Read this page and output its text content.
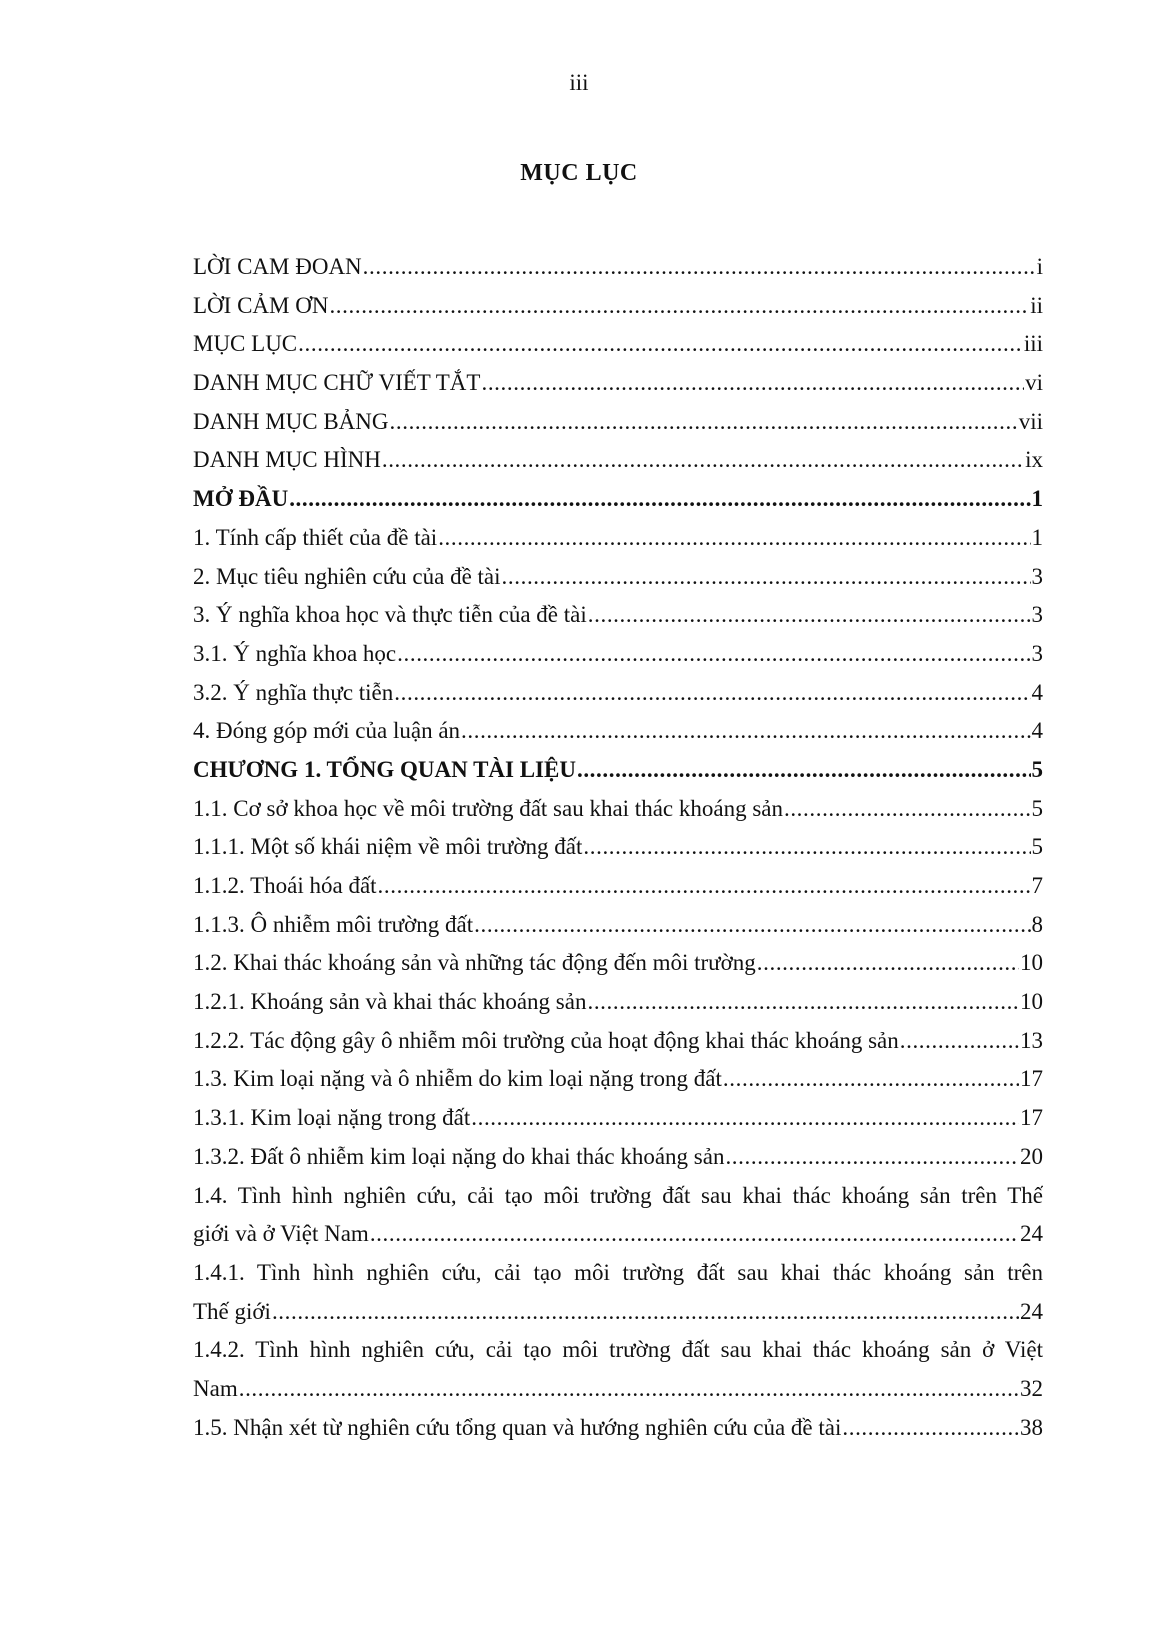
iii
MỤC LỤC
LỜI CAM ĐOAN .....	i
LỜI CẢM ƠN .....	ii
MỤC LỤC .....	iii
DANH MỤC CHỮ VIẾT TẮT .....	vi
DANH MỤC BẢNG .....	vii
DANH MỤC HÌNH .....	ix
MỞ ĐẦU .....	1
1. Tính cấp thiết của đề tài .....	1
2. Mục tiêu nghiên cứu của đề tài .....	3
3. Ý nghĩa khoa học và thực tiễn của đề tài .....	3
3.1. Ý nghĩa khoa học .....	3
3.2. Ý nghĩa thực tiễn .....	4
4. Đóng góp mới của luận án .....	4
CHƯƠNG 1. TỔNG QUAN TÀI LIỆU .....	5
1.1. Cơ sở khoa học về môi trường đất sau khai thác khoáng sản .....	5
1.1.1. Một số khái niệm về môi trường đất .....	5
1.1.2. Thoái hóa đất .....	7
1.1.3. Ô nhiễm môi trường đất .....	8
1.2. Khai thác khoáng sản và những tác động đến môi trường .....	10
1.2.1. Khoáng sản và khai thác khoáng sản .....	10
1.2.2. Tác động gây ô nhiễm môi trường của hoạt động khai thác khoáng sản .....	13
1.3. Kim loại nặng và ô nhiễm do kim loại nặng trong đất .....	17
1.3.1. Kim loại nặng trong đất .....	17
1.3.2. Đất ô nhiễm kim loại nặng do khai thác khoáng sản .....	20
1.4. Tình hình nghiên cứu, cải tạo môi trường đất sau khai thác khoáng sản trên Thế
giới và ở Việt Nam .....	24
1.4.1. Tình hình nghiên cứu, cải tạo môi trường đất sau khai thác khoáng sản trên
Thế giới .....	24
1.4.2. Tình hình nghiên cứu, cải tạo môi trường đất sau khai thác khoáng sản ở Việt
Nam .....	32
1.5. Nhận xét từ nghiên cứu tổng quan và hướng nghiên cứu của đề tài .....	38
